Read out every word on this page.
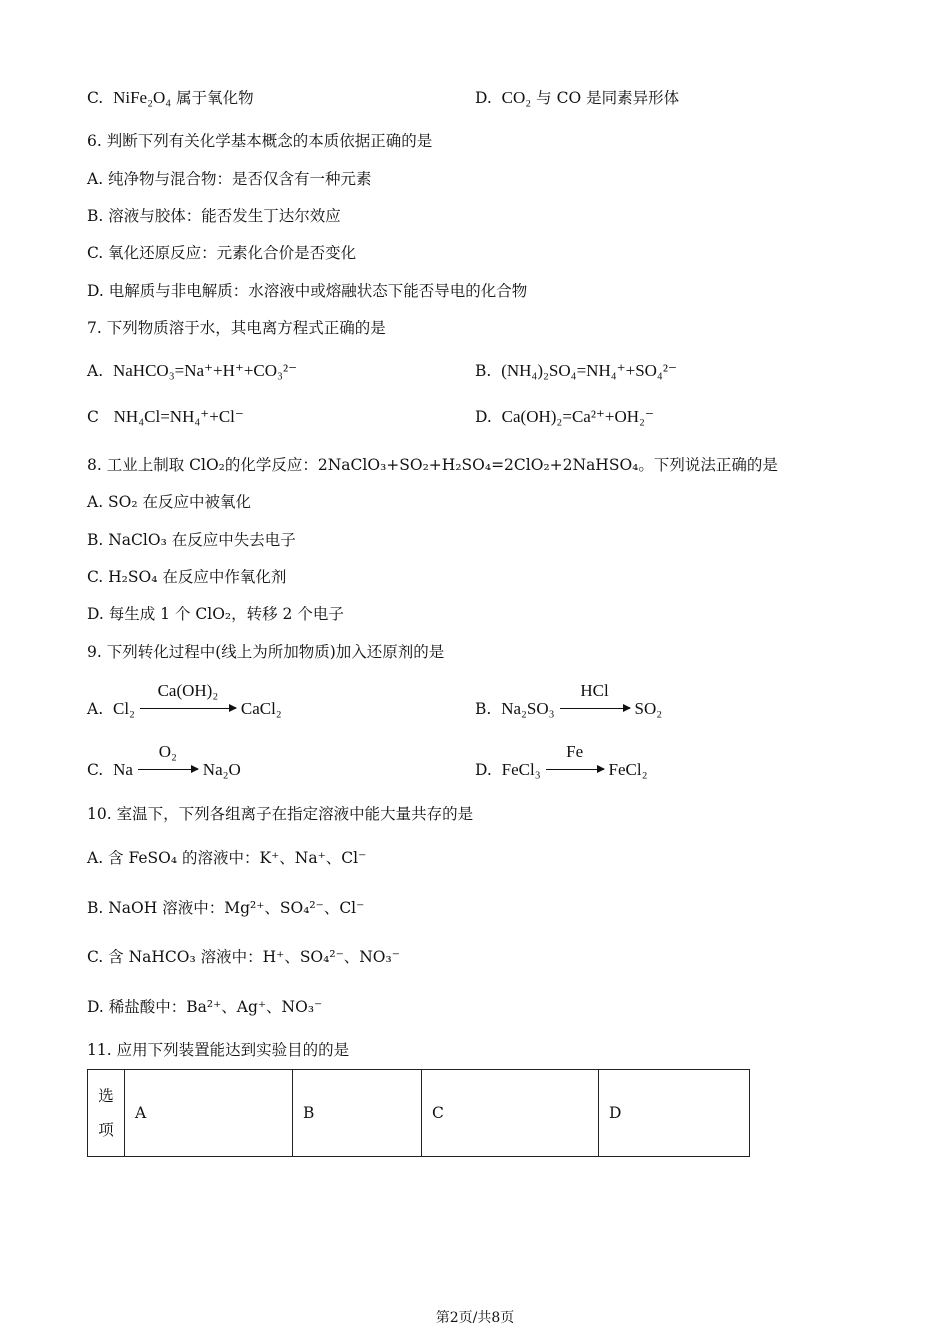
C. NiFe₂O₄ 属于氧化物	D. CO₂ 与 CO 是同素异形体
6. 判断下列有关化学基本概念的本质依据正确的是
A. 纯净物与混合物：是否仅含有一种元素
B. 溶液与胶体：能否发生丁达尔效应
C. 氧化还原反应：元素化合价是否变化
D. 电解质与非电解质：水溶液中或熔融状态下能否导电的化合物
7. 下列物质溶于水，其电离方程式正确的是
A. NaHCO₃=Na⁺+H⁺+CO₃²⁻	B. (NH₄)₂SO₄=NH₄⁺+SO₄²⁻
C NH₄Cl=NH₄⁺+Cl⁻	D. Ca(OH)₂=Ca²⁺+OH₂⁻
8. 工业上制取 ClO₂的化学反应：2NaClO₃+SO₂+H₂SO₄=2ClO₂+2NaHSO₄。下列说法正确的是
A. SO₂ 在反应中被氧化
B. NaClO₃ 在反应中失去电子
C. H₂SO₄ 在反应中作氧化剂
D. 每生成 1 个 ClO₂，转移 2 个电子
9. 下列转化过程中(线上为所加物质)加入还原剂的是
A. Cl₂
Ca(OH)₂
CaCl₂	B. Na₂SO₃
HCl
SO₂
C. Na
O₂
Na₂O	D. FeCl₃
Fe
FeCl₂
10. 室温下，下列各组离子在指定溶液中能大量共存的是
A. 含 FeSO₄ 的溶液中：K⁺、Na⁺、Cl⁻
B. NaOH 溶液中：Mg²⁺、SO₄²⁻、Cl⁻
C. 含 NaHCO₃ 溶液中：H⁺、SO₄²⁻、NO₃⁻
D. 稀盐酸中：Ba²⁺、Ag⁺、NO₃⁻
11. 应用下列装置能达到实验目的的是
选项	A	B	C	D
第2页/共8页
